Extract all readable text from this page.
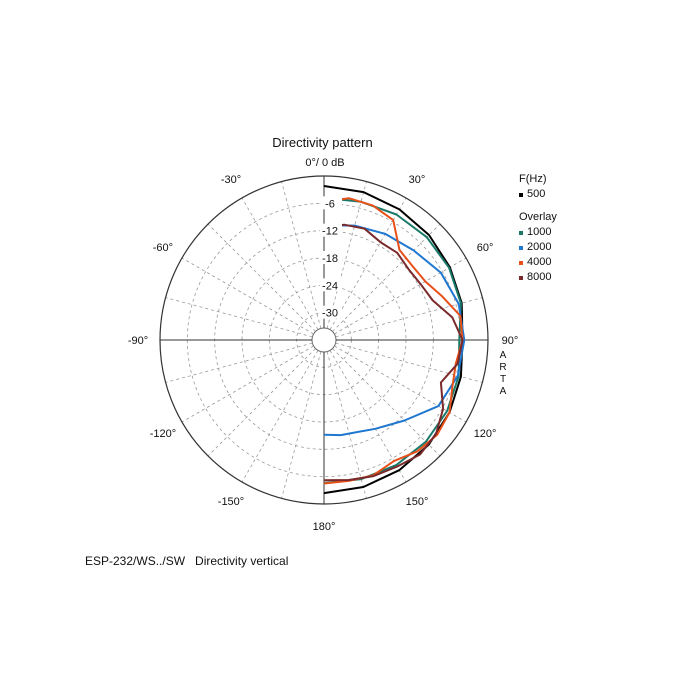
-6
-12
-18
-24
-30
30°
60°
90°
120°
150°
180°
-150°
-120°
-90°
-60°
-30°
Directivity pattern
0°/ 0 dB
F(Hz)
500
Overlay
1000
2000
4000
8000
A
R
T
A
ESP-232/WS../SW   Directivity vertical
